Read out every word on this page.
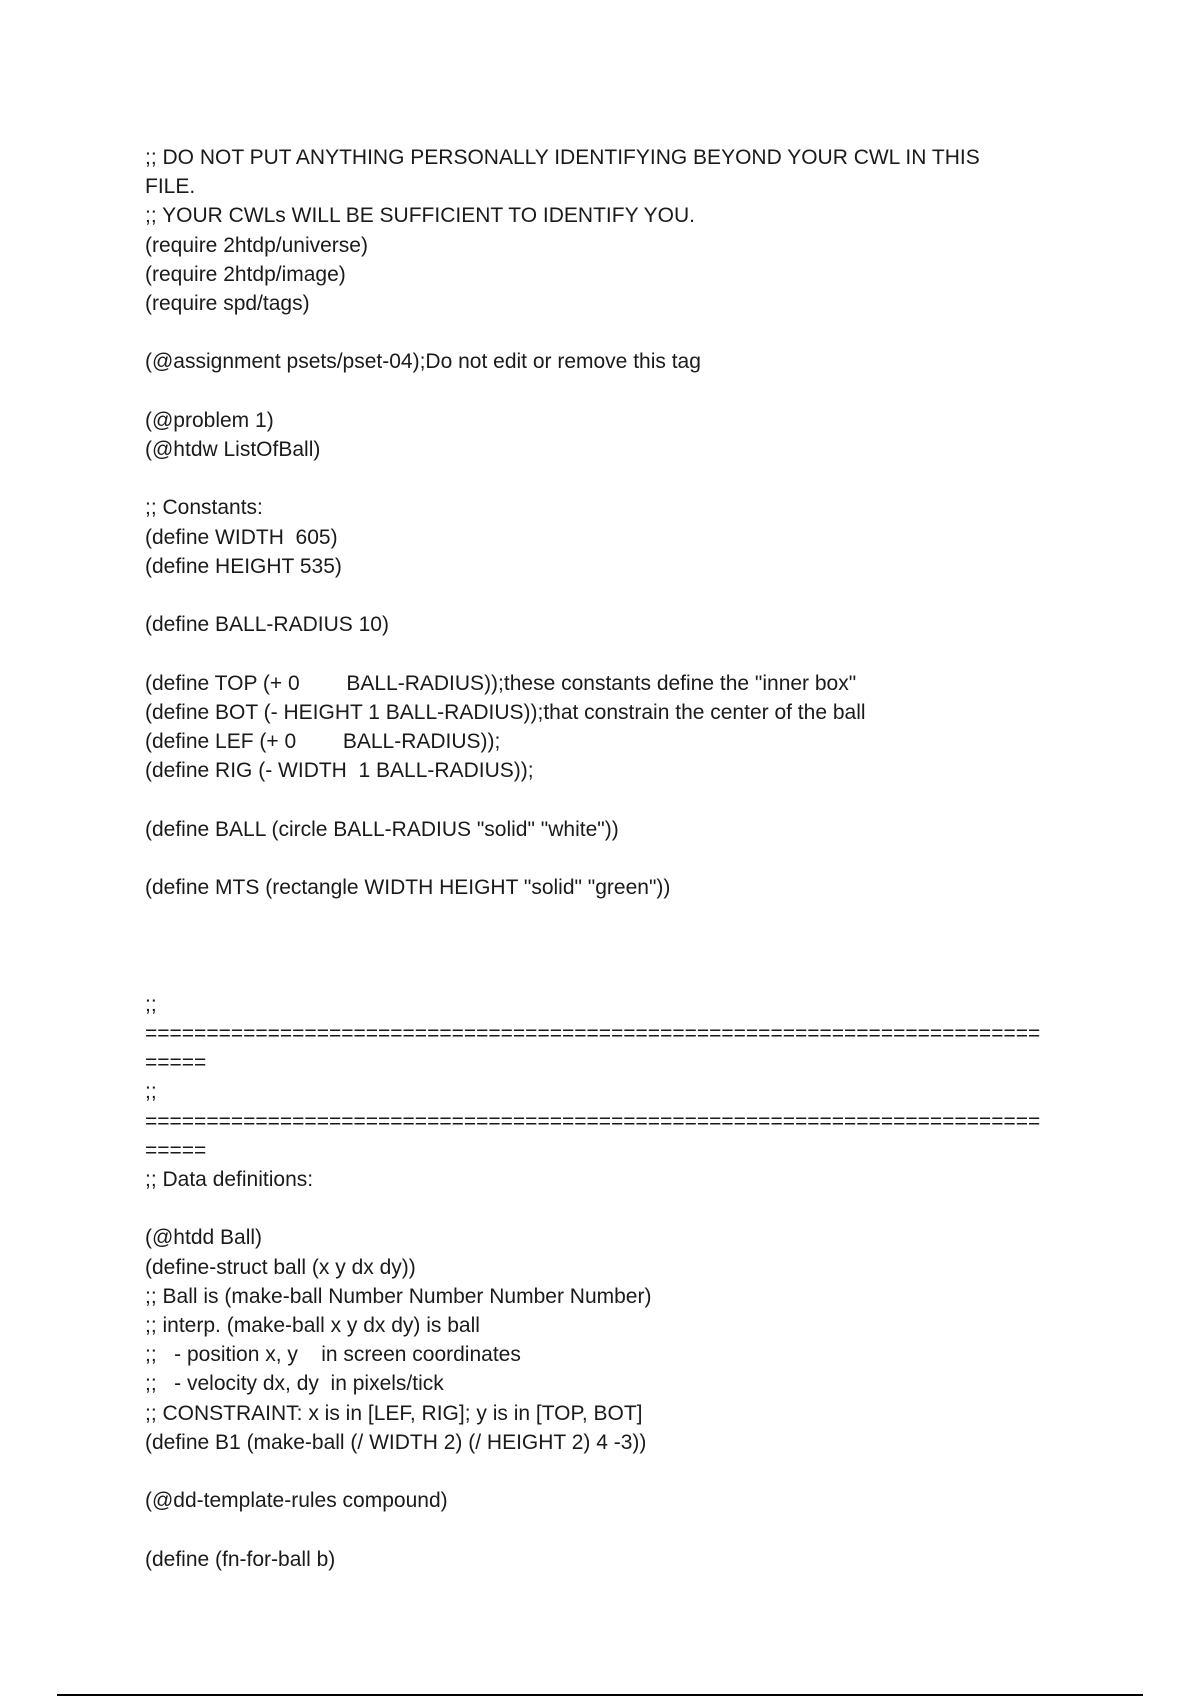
;; DO NOT PUT ANYTHING PERSONALLY IDENTIFYING BEYOND YOUR CWL IN THIS
FILE.
;; YOUR CWLs WILL BE SUFFICIENT TO IDENTIFY YOU.
(require 2htdp/universe)
(require 2htdp/image)
(require spd/tags)
(@assignment psets/pset-04);Do not edit or remove this tag
(@problem 1)
(@htdw ListOfBall)
;; Constants:
(define WIDTH  605)
(define HEIGHT 535)
(define BALL-RADIUS 10)
(define TOP (+ 0        BALL-RADIUS));these constants define the "inner box"
(define BOT (- HEIGHT 1 BALL-RADIUS));that constrain the center of the ball
(define LEF (+ 0        BALL-RADIUS));
(define RIG (- WIDTH  1 BALL-RADIUS));
(define BALL (circle BALL-RADIUS "solid" "white"))
(define MTS (rectangle WIDTH HEIGHT "solid" "green"))
;;
=========================================================================
=====
;;
=========================================================================
=====
;; Data definitions:
(@htdd Ball)
(define-struct ball (x y dx dy))
;; Ball is (make-ball Number Number Number Number)
;; interp. (make-ball x y dx dy) is ball
;;   - position x, y    in screen coordinates
;;   - velocity dx, dy  in pixels/tick
;; CONSTRAINT: x is in [LEF, RIG]; y is in [TOP, BOT]
(define B1 (make-ball (/ WIDTH 2) (/ HEIGHT 2) 4 -3))
(@dd-template-rules compound)
(define (fn-for-ball b)
